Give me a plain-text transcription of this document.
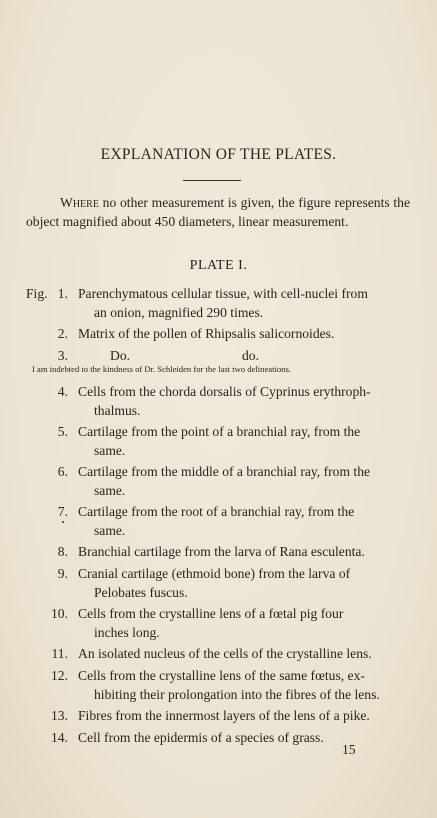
EXPLANATION OF THE PLATES.
Where no other measurement is given, the figure represents the object magnified about 450 diameters, linear measurement.
PLATE I.
Fig. 1. Parenchymatous cellular tissue, with cell-nuclei from
an onion, magnified 290 times.
2. Matrix of the pollen of Rhipsalis salicornoides.
3.	Do.	do.

I am indebted to the kindness of Dr. Schleiden for the last two delineations.
4. Cells from the chorda dorsalis of Cyprinus erythroph-
thalmus.
5. Cartilage from the point of a branchial ray, from the
same.
6. Cartilage from the middle of a branchial ray, from the
same.
7. Cartilage from the root of a branchial ray, from the
same.
8. Branchial cartilage from the larva of Rana esculenta.
9. Cranial cartilage (ethmoid bone) from the larva of
Pelobates fuscus.
10. Cells from the crystalline lens of a fœtal pig four
inches long.
11. An isolated nucleus of the cells of the crystalline lens.
12. Cells from the crystalline lens of the same fœtus, ex-
hibiting their prolongation into the fibres of the lens.
13. Fibres from the innermost layers of the lens of a pike.
14. Cell from the epidermis of a species of grass.
15
